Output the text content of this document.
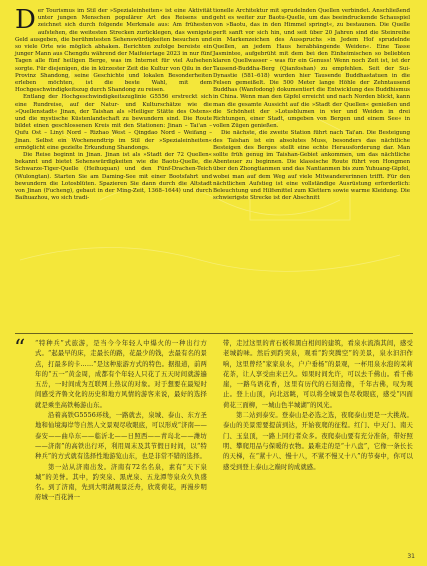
Der Tourismus im Stil der »Spezialeinheiten« ist eine Aktivität unter jungen Menschen populärer Art des Reisens und zeichnet sich durch folgende Merkmale aus: Am frühesten aufstehen, die weitesten Strecken zurücklegen, das wenigste Geld ausgeben, die berühmtesten Sehenswürdigkeiten besuchen und so viele Orte wie möglich abhaken. Berichten zufolge bereiste ein junger Mann aus Chengdu während der Maifeiertage 2023 in nur fünf Tagen alle fünf heiligen Berge, was im Internet für viel Aufsehen sorgte. Für diejenigen, die in kürzester Zeit die Kultur von Qilu in der Provinz Shandong, seine Geschichte und lokalen Besonderheiten erleben möchten, ist die beste Wahl, mit dem Hochgeschwindigkeitszug durch Shandong zu reisen.

Entlang der Hochgeschwindigkeitszuglinie G5556 erstreckt sich eine Rundreise, auf der Natur- und Kulturschätze wie die »Quellenstadt« Jinan, der Taishan als »Heiliger Stätte des Ostens« und die mystische Küstenlandschaft zu bewundern sind. Die Route bildet einen geschlossenen Kreis mit den Stationen: Jinan – Tai'an – Qufu Ost – Linyi Nord – Rizhao West – Qingdao Nord – Weifang – Jinan. Selbst ein Wochenendtrip im Stil der »Spezialeinheiten« ermöglicht eine gezielte Erkundung Shandongs.

Die Reise beginnt in Jinan. Jinan ist als »Stadt der 72 Quellen« bekannt und bietet Sehenswürdigkeiten wie die Baotu-Quelle, die Schwarze-Tiger-Quelle (Heihuquan) und den Fünf-Drachen-Teich (Wulongtan). Starten Sie am Daming-See mit einer Bootsfahrt und bewundern die Lotosblüten. Spazieren Sie dann durch die Altstadt von Jinan (Fucheng), gebaut in der Ming-Zeit, 1368–1644) und durch Baihuazhou, wo sich tradi-

tionelle Architektur mit sprudelnden Quellen verbindet. Anschließend geht es weiter zur Baotu-Quelle, um das beeindruckende Schauspiel von »Baotu, das in den Himmel springt«, zu bestaunen. Die Quelle perlt sanft vor sich hin, und seit über 20 Jahren sind die Steinreihe ein Markenzeichen des Ausspruchs »in Jedem Hof sprudelnde Quellen, an jedem Haus herabhängende Weiden«. Eine Tasse Jasmintee, aufgebrüht mit dem bei den Einheimischen so beliebten klaren Quellwasser – was für ein Genuss! Wenn noch Zeit ist, ist der Tausend-Buddha-Berg (Qianfoshan) zu empfehlen. Seit der Sui-Dynastie (581–618) wurden hier Tausende Buddhastatuen in die Felsen gemeißelt. Die 500 Meter lange Höhle der Zehntausend Buddhas (Wanfodong) dokumentiert die Entwicklung des Buddhismus in China. Wenn man den Gipfel erreicht und nach Norden blickt, kann man die gesamte Aussicht auf die »Stadt der Quellen« genießen und die Schönheit der »Lotusblumen in vier und Weiden in drei Richtungen, einer Stadt, umgeben von Bergen und einem See« in vollen Zügen genießen.

Die nächste, die zweite Station führt nach Tai'an. Die Besteigung des Taishan ist ein absolutes Muss, besonders das nächtliche Besteigen des Berges stellt eine echte Herausforderung dar. Man sollte früh genug im Taishan-Gebiet ankommen, um das nächtliche Abenteuer zu beginnen. Die klassische Route führt von Hongmen über den Zhongtianmen und das Nantianmen bis zum Yuhuang-Gipfel, wobei man auf dem Weg auf viele Mitwandererinnen trifft. Für den nächtlichen Aufstieg ist eine vollständige Ausrüstung erforderlich: Beleuchtung und Hilfsmittel zum Klettern sowie warme Kleidung. Die schwierigste Strecke ist der Abschnitt

“ “特种兵”式旅游，是当今今年轻人中爆火的一种出行方式。“起最早的床，走最长的路，花最少的钱，去最有名的景点，打最多的卡……”是这种旅游方式的特色。据报道，前两年的“五一”黄金周，成都有个年轻人只花了五天时间就游遍五岳，一时间成为互联网上热议的对象。对于想要在最短时间感受齐鲁文化的历史和地方风情的游客来说，最好的选择就是乘坐高铁畅游山东。

沿着高铁G5556环线，一路就去，泉城、泰山、东方圣地和仙境海岸等自然人文景观尽收眼底，可以形成“济南——泰安——曲阜东——临沂北——日照西——青岛北——潍坊——济南”的高铁出行环，利用周末及其节假日时间，以“特种兵”的方式就有选择性地游览山东，也是非常不错的选择。

第一站从济南出发。济南有72名名泉，素有“天下泉城”的美誉。其中，趵突泉、黑虎泉、五龙潭等泉众久负盛名。到了济南，先到大明湖观景泛舟，欣赏荷花，再漫步明府城一百花洲一

带，走过这里的青石板和黑白相间的建筑，看泉水流淌其间，感受老城韵味。然后到趵突泉，观看“趵突腾空”的美景，泉水汩汩作响，这里曾经“家家泉水，户户垂杨”的景观，一杯用泉水泡的茉莉花茶，让人享受由来已久。如果时间允许，可以去千佛山。看千佛崖，一路鸟语花香，这里有历代的石刻造像，千年古佛，叹为观止。登上山顶，向北远眺，可以将全城景色尽收眼底，感受“四面荷花三面柳，一城山色半城湖”的风光。

第二站到泰安。登泰山是必选之选，夜爬泰山更是一大挑战。泰山的美景需要提前到达，开始夜爬的征程。红门、中天门、南天门、玉皇顶，一路上同行者众多。夜爬泰山要有充分准备，带好照明、攀爬用品与保暖的衣物。最难走的是“十八盘”，它像一条长长的天梯，在“紧十八、慢十八，不紧不慢又十八”的节奏中，你可以感受到登上泰山之巅时的成就感。

31
